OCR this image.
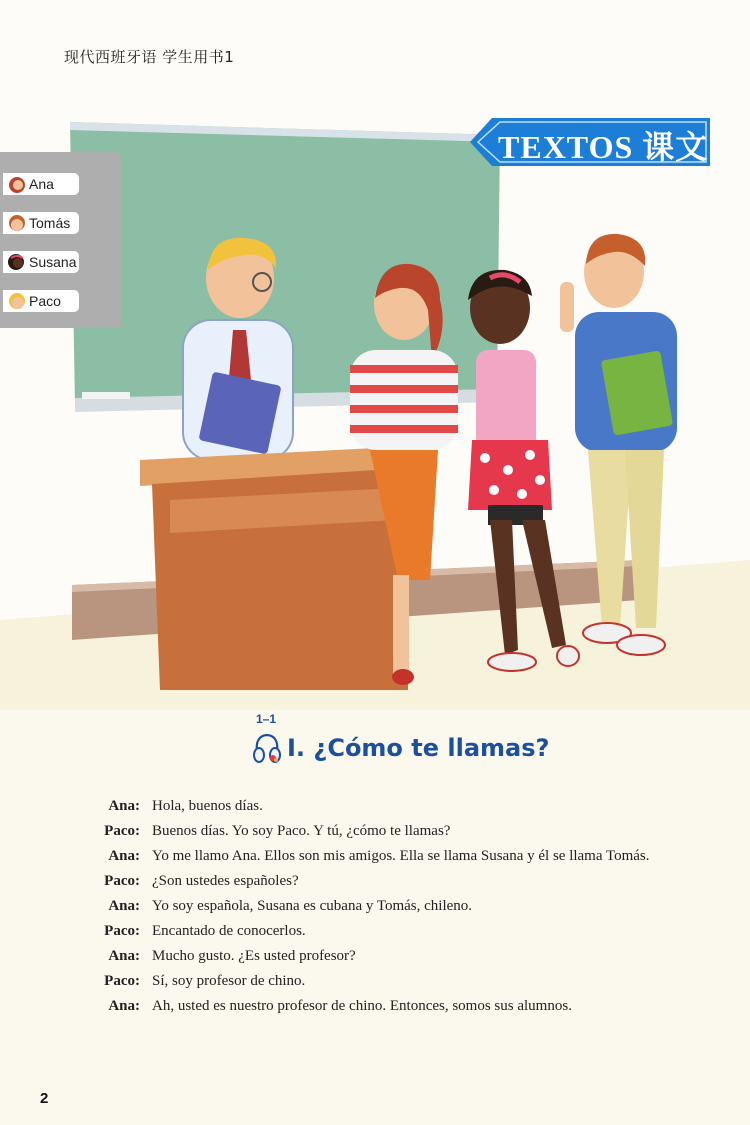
现代西班牙语 学生用书1
TEXTOS 课文
Ana
Tomás
Susana
Paco
1–1
I. ¿Cómo te llamas?
Ana: Hola, buenos días.
Paco: Buenos días. Yo soy Paco. Y tú, ¿cómo te llamas?
Ana: Yo me llamo Ana. Ellos son mis amigos. Ella se llama Susana y él se llama Tomás.
Paco: ¿Son ustedes españoles?
Ana: Yo soy española, Susana es cubana y Tomás, chileno.
Paco: Encantado de conocerlos.
Ana: Mucho gusto. ¿Es usted profesor?
Paco: Sí, soy profesor de chino.
Ana: Ah, usted es nuestro profesor de chino. Entonces, somos sus alumnos.
2
